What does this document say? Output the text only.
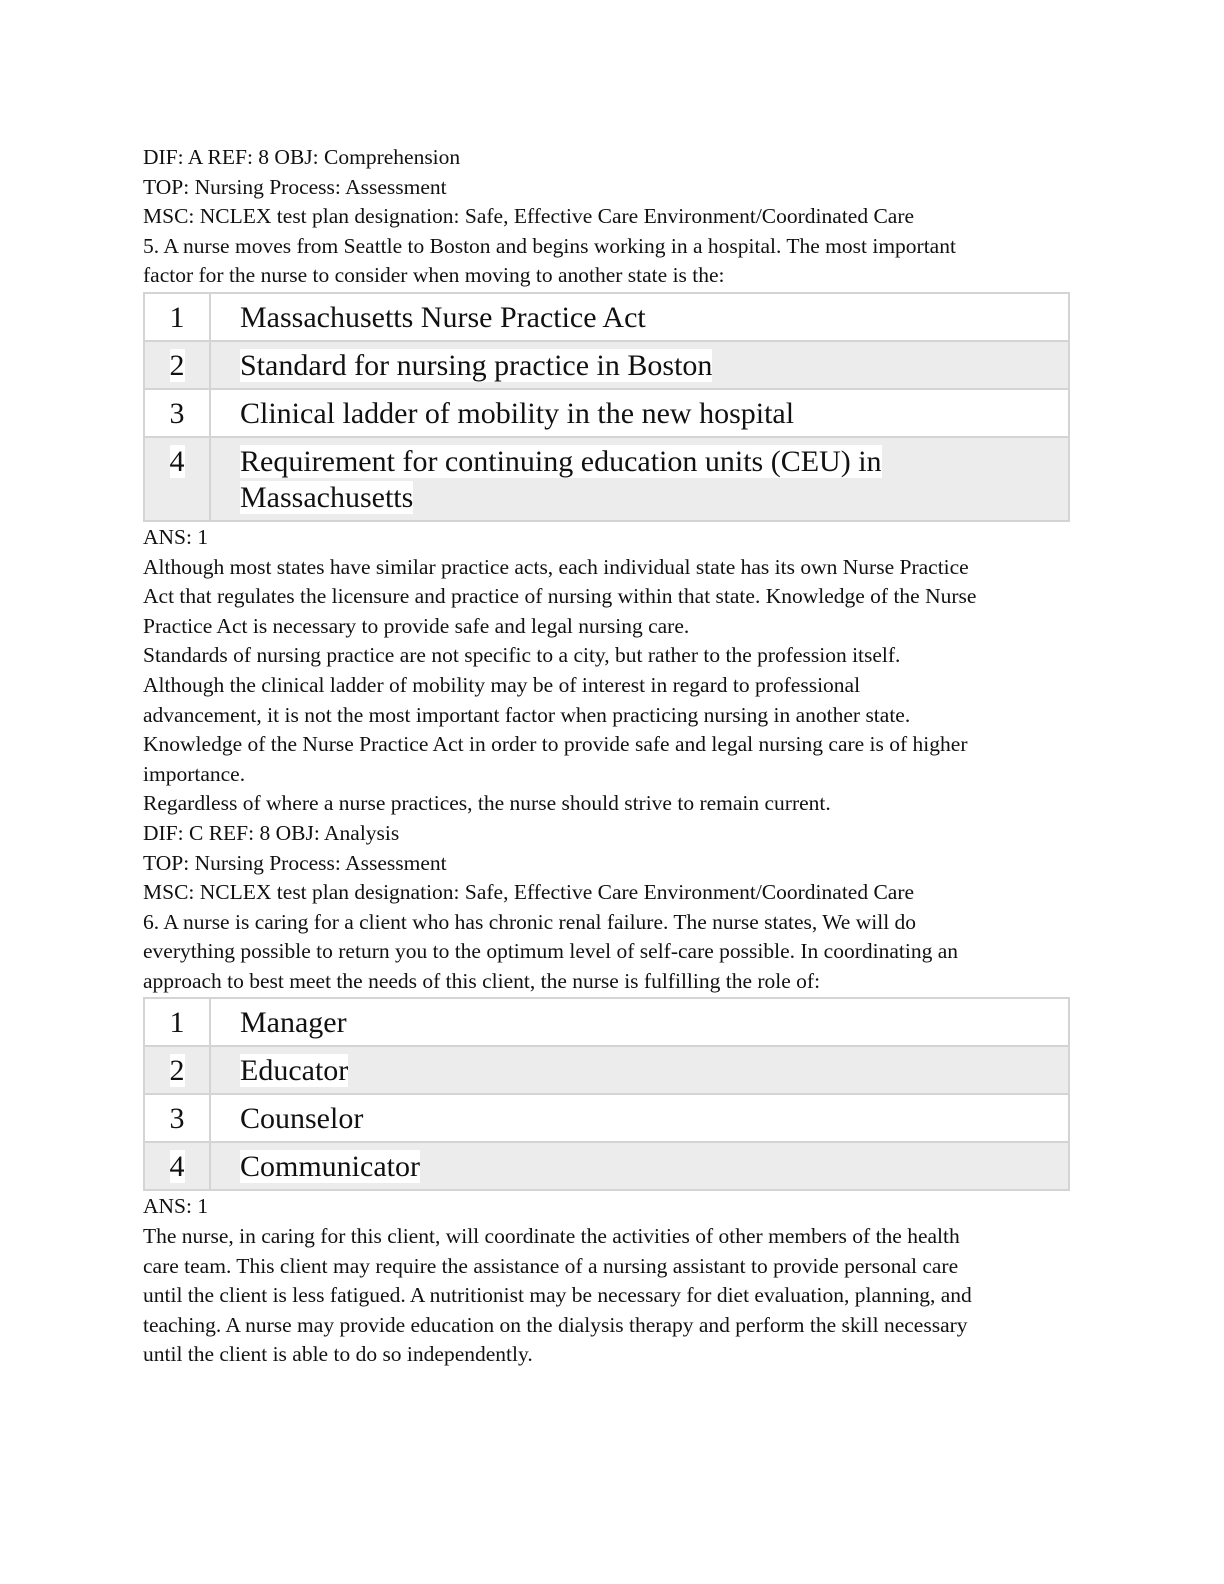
DIF: A REF: 8 OBJ: Comprehension

TOP: Nursing Process: Assessment

MSC: NCLEX test plan designation: Safe, Effective Care Environment/Coordinated Care

5. A nurse moves from Seattle to Boston and begins working in a hospital. The most important

factor for the nurse to consider when moving to another state is the:

1	Massachusetts Nurse Practice Act
2	Standard for nursing practice in Boston
3	Clinical ladder of mobility in the new hospital
4	Requirement for continuing education units (CEU) in
Massachusetts

ANS: 1

Although most states have similar practice acts, each individual state has its own Nurse Practice

Act that regulates the licensure and practice of nursing within that state. Knowledge of the Nurse

Practice Act is necessary to provide safe and legal nursing care.

Standards of nursing practice are not specific to a city, but rather to the profession itself.

Although the clinical ladder of mobility may be of interest in regard to professional

advancement, it is not the most important factor when practicing nursing in another state.

Knowledge of the Nurse Practice Act in order to provide safe and legal nursing care is of higher

importance.

Regardless of where a nurse practices, the nurse should strive to remain current.

DIF: C REF: 8 OBJ: Analysis

TOP: Nursing Process: Assessment

MSC: NCLEX test plan designation: Safe, Effective Care Environment/Coordinated Care

6. A nurse is caring for a client who has chronic renal failure. The nurse states, We will do

everything possible to return you to the optimum level of self-care possible. In coordinating an

approach to best meet the needs of this client, the nurse is fulfilling the role of:

1	Manager
2	Educator
3	Counselor
4	Communicator

ANS: 1

The nurse, in caring for this client, will coordinate the activities of other members of the health

care team. This client may require the assistance of a nursing assistant to provide personal care

until the client is less fatigued. A nutritionist may be necessary for diet evaluation, planning, and

teaching. A nurse may provide education on the dialysis therapy and perform the skill necessary

until the client is able to do so independently.
